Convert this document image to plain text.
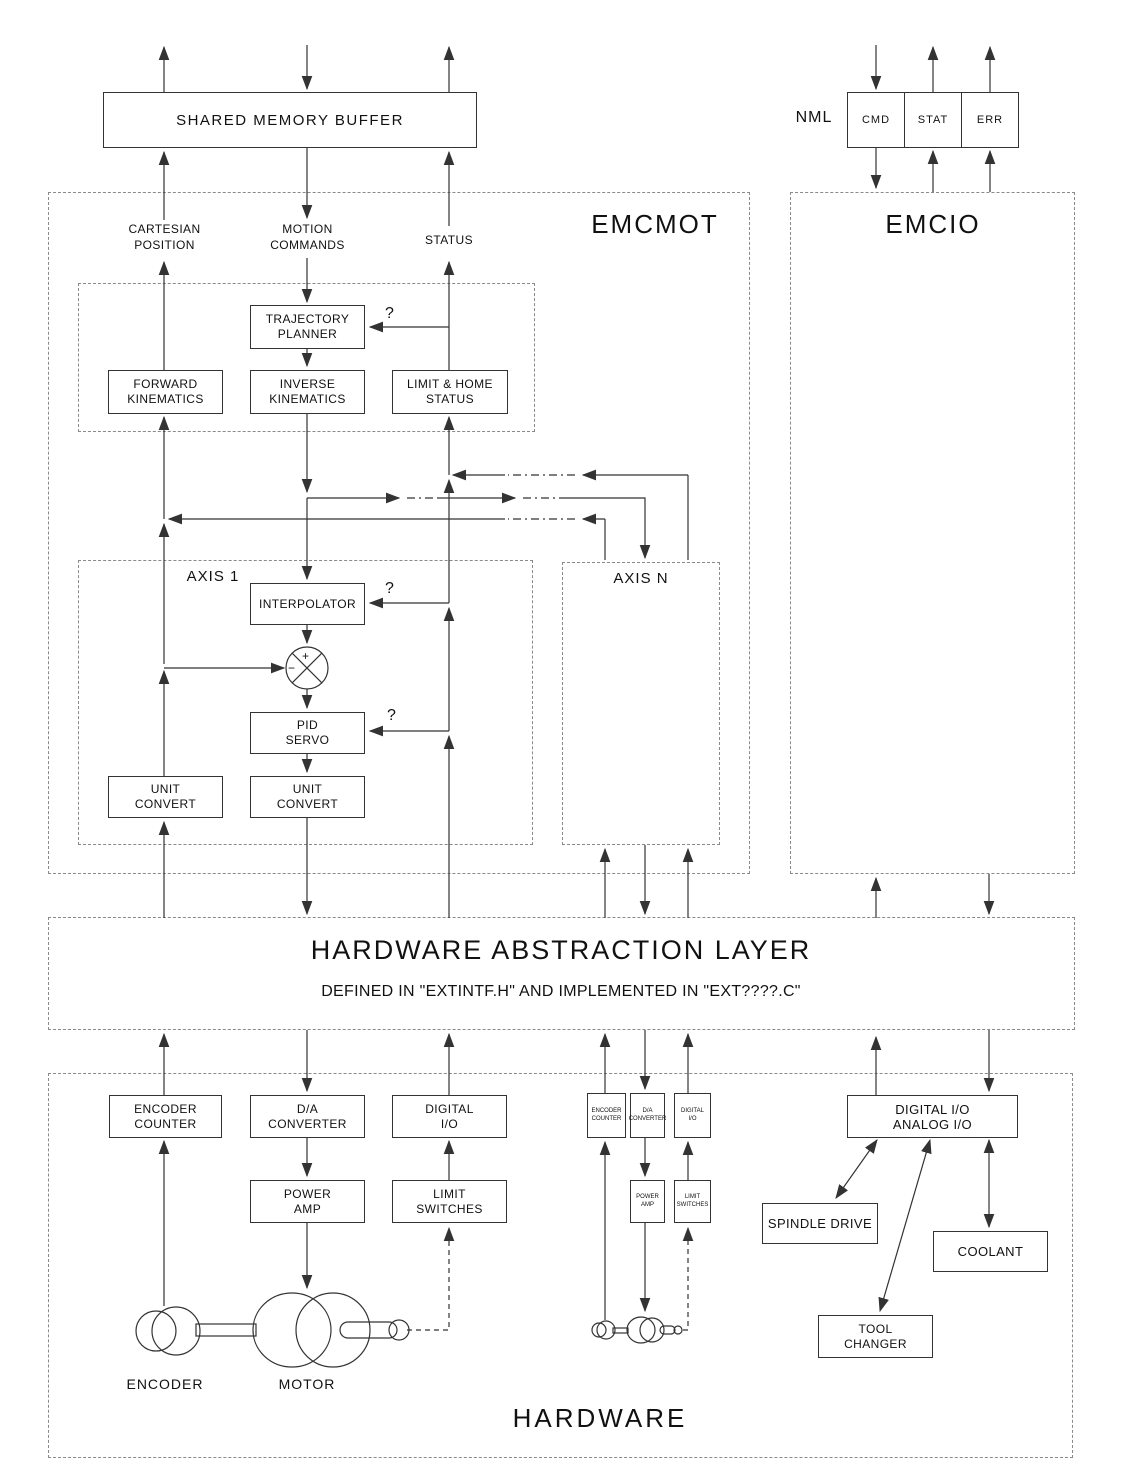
SHARED MEMORY BUFFER	NML	CMD	STAT	ERR
EMCMOT	EMCIO
CARTESIAN
POSITION
MOTION
COMMANDS	STATUS
TRAJECTORY
PLANNER
?
FORWARD
KINEMATICS
INVERSE
KINEMATICS
LIMIT & HOME
STATUS
AXIS 1
INTERPOLATOR
?
+
−
PID
SERVO
?
UNIT
CONVERT
UNIT
CONVERT
AXIS N
HARDWARE ABSTRACTION LAYER
DEFINED IN "EXTINTF.H" AND IMPLEMENTED IN "EXT????.C"
ENCODER
COUNTER
D/A
CONVERTER
DIGITAL
I/O
POWER
AMP
LIMIT
SWITCHES
ENCODER	MOTOR
ENCODER
COUNTER
D/A
CONVERTER
DIGITAL
I/O
POWER
AMP
LIMIT
SWITCHES
DIGITAL I/O
ANALOG I/O
SPINDLE DRIVE
COOLANT
TOOL
CHANGER
HARDWARE
